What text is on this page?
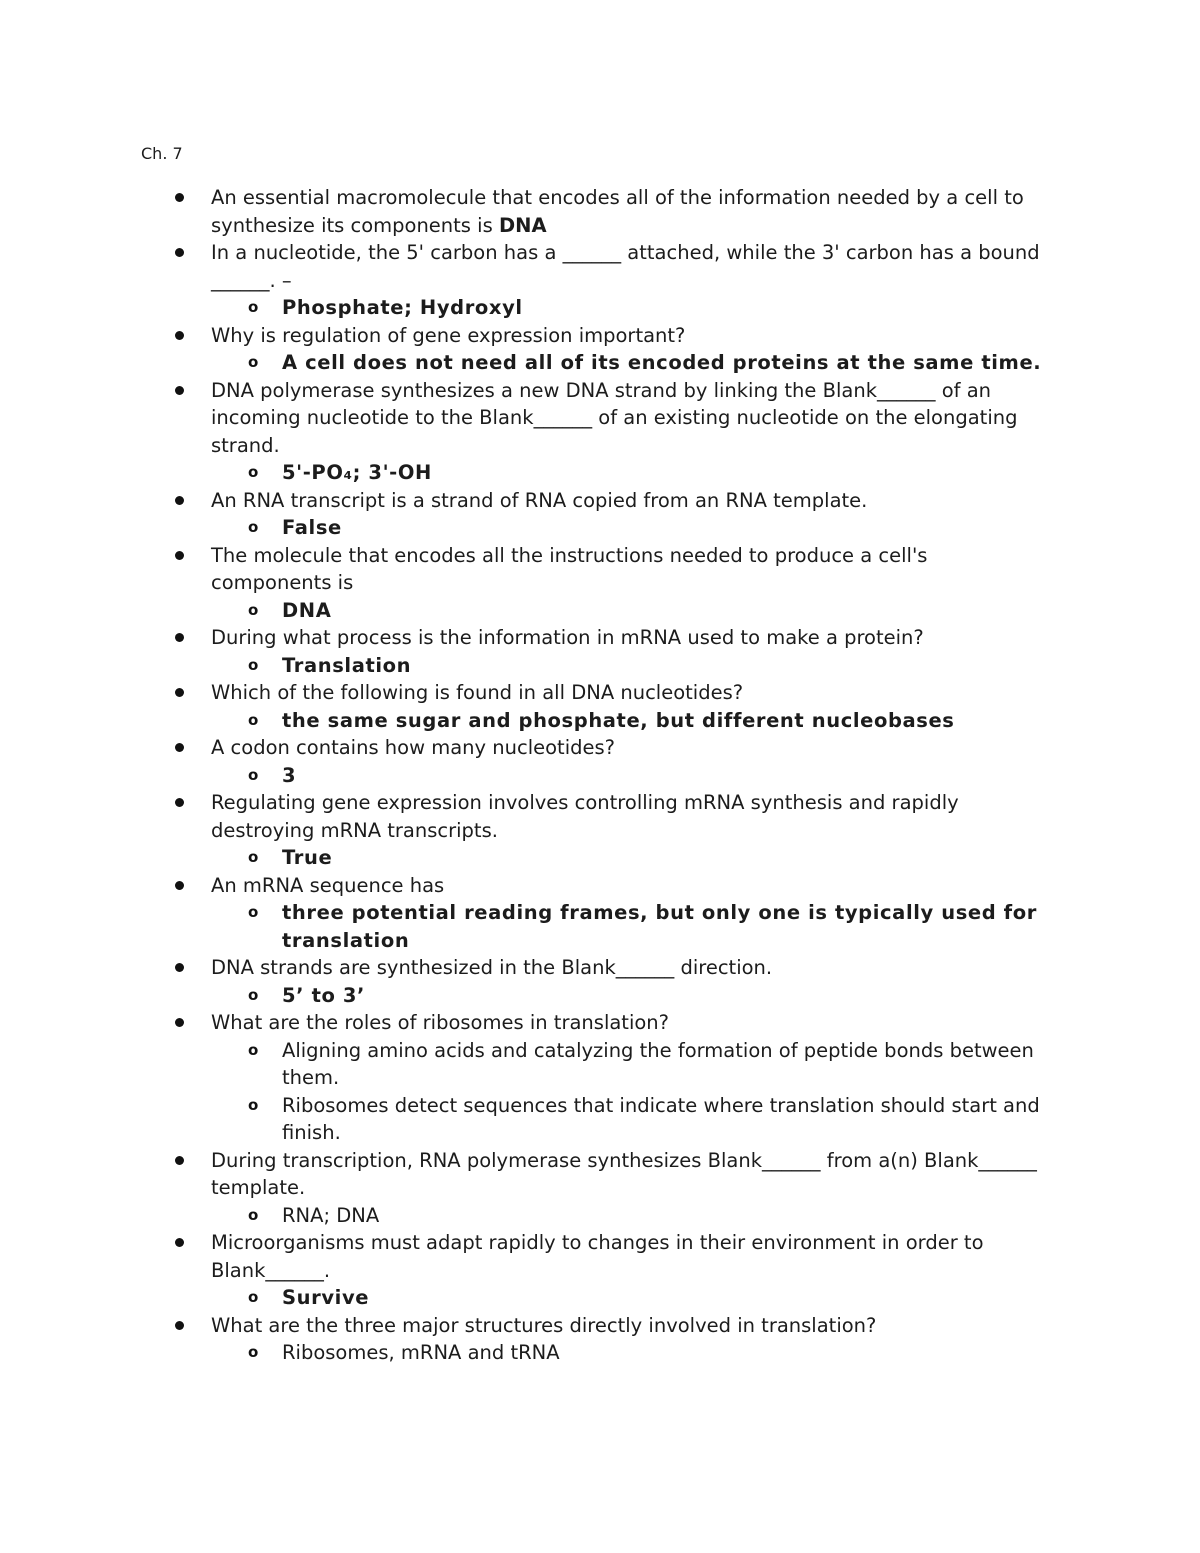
Ch. 7
An essential macromolecule that encodes all of the information needed by a cell to synthesize its components is DNA
In a nucleotide, the 5' carbon has a ______ attached, while the 3' carbon has a bound ______. –
o Phosphate; Hydroxyl
Why is regulation of gene expression important?
o A cell does not need all of its encoded proteins at the same time.
DNA polymerase synthesizes a new DNA strand by linking the Blank______ of an incoming nucleotide to the Blank______ of an existing nucleotide on the elongating strand.
o 5'-PO₄; 3'-OH
An RNA transcript is a strand of RNA copied from an RNA template.
o False
The molecule that encodes all the instructions needed to produce a cell's components is
o DNA
During what process is the information in mRNA used to make a protein?
o Translation
Which of the following is found in all DNA nucleotides?
o the same sugar and phosphate, but different nucleobases
A codon contains how many nucleotides?
o 3
Regulating gene expression involves controlling mRNA synthesis and rapidly destroying mRNA transcripts.
o True
An mRNA sequence has
o three potential reading frames, but only one is typically used for translation
DNA strands are synthesized in the Blank______ direction.
o 5’ to 3’
What are the roles of ribosomes in translation?
o Aligning amino acids and catalyzing the formation of peptide bonds between them.
o Ribosomes detect sequences that indicate where translation should start and finish.
During transcription, RNA polymerase synthesizes Blank______ from a(n) Blank______ template.
o RNA; DNA
Microorganisms must adapt rapidly to changes in their environment in order to Blank______.
o Survive
What are the three major structures directly involved in translation?
o Ribosomes, mRNA and tRNA
